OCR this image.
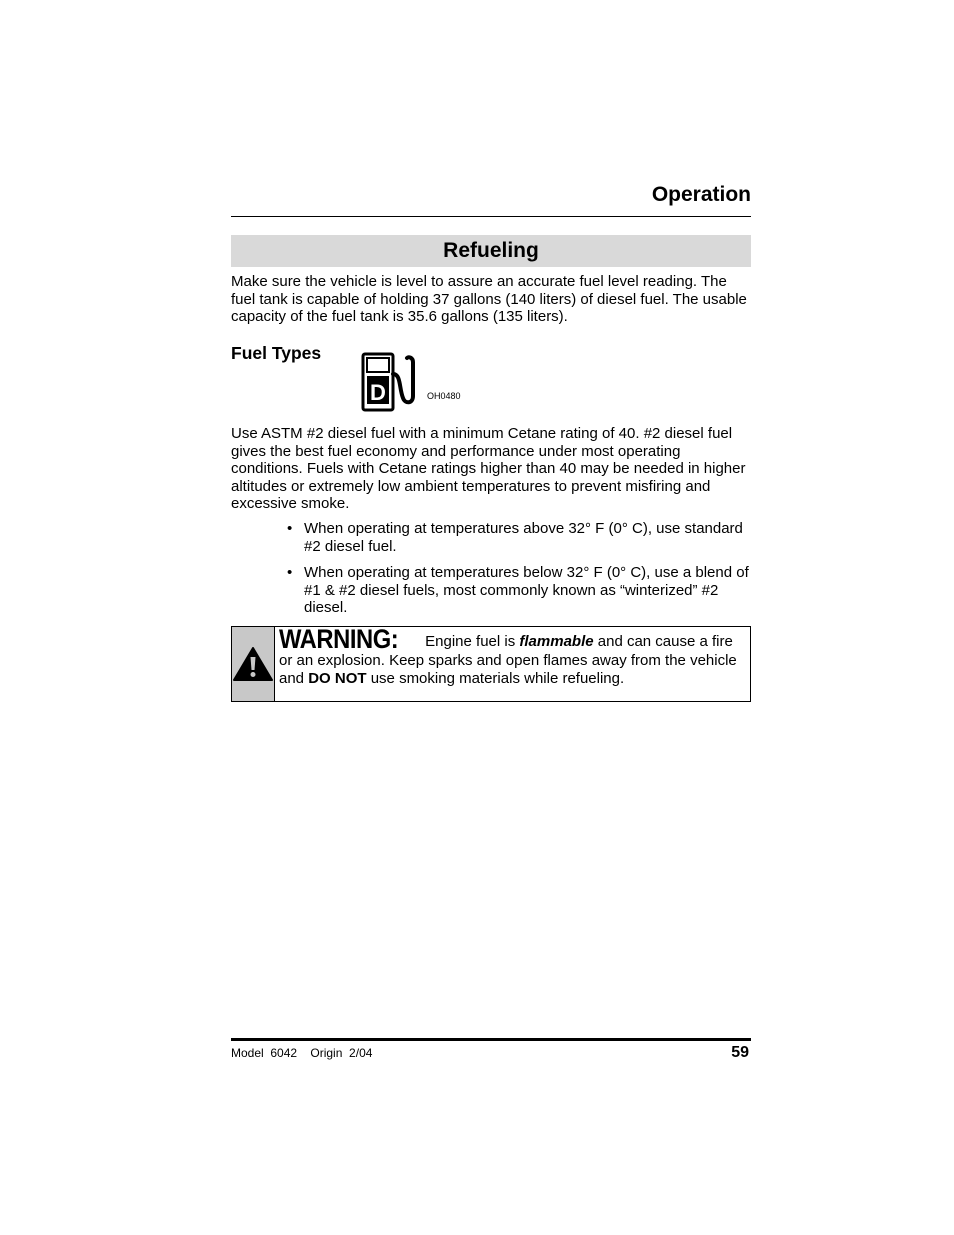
Operation
Refueling

Make sure the vehicle is level to assure an accurate fuel level reading. The fuel tank is capable of holding 37 gallons (140 liters) of diesel fuel. The usable capacity of the fuel tank is 35.6 gallons (135 liters).

Fuel Types
D	OH0480

Use ASTM #2 diesel fuel with a minimum Cetane rating of 40. #2 diesel fuel gives the best fuel economy and performance under most operating conditions. Fuels with Cetane ratings higher than 40 may be needed in higher altitudes or extremely low ambient temperatures to prevent misfiring and excessive smoke.

• When operating at temperatures above 32° F (0° C), use standard #2 diesel fuel.
• When operating at temperatures below 32° F (0° C), use a blend of #1 & #2 diesel fuels, most commonly known as “winterized” #2 diesel.
WARNING: Engine fuel is flammable and can cause a fire or an explosion. Keep sparks and open flames away from the vehicle and DO NOT use smoking materials while refueling.
Model  6042    Origin  2/04	59
